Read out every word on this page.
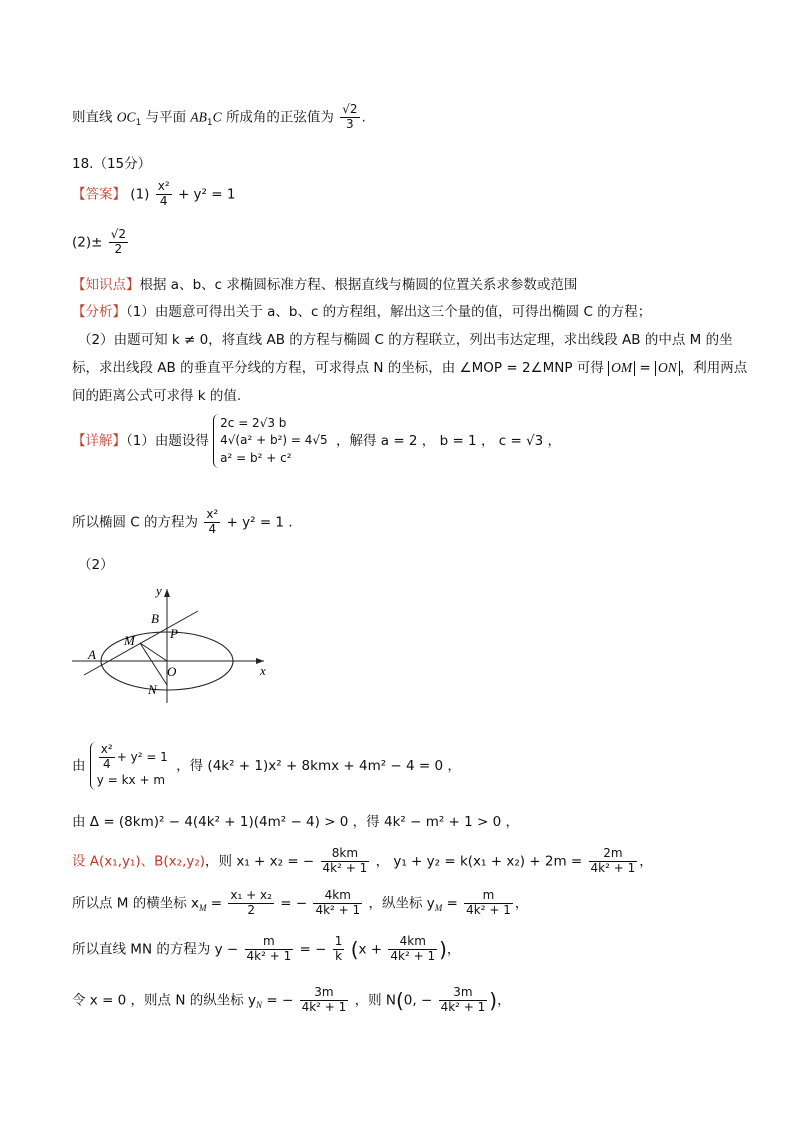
则直线 $OC_1$ 与平面 $AB_1C$ 所成角的正弦值为 $\frac{√2}{3}$ .
18.（15分）
【答案】 $(1) \frac{\text{x²}}{4} + y^2 = 1$
$(2)\pm \frac{√2}{2}$
【知识点】根据 a、b、c 求椭圆标准方程、根据直线与椭圆的位置关系求参数或范围
【分析】（1）由题意可得出关于 a、b、c 的方程组，解出这三个量的值，可得出椭圆 C 的方程；
（2）由题可知 k ≠ 0，将直线 AB 的方程与椭圆 C 的方程联立，列出韦达定理，求出线段 AB 的中点 M 的坐
标，求出线段 AB 的垂直平分线的方程，可求得点 N 的坐标，由 ∠MOP = 2∠MNP 可得 OM = ON ，利用两点
间的距离公式可求得 k 的值.
【详解】（1）由题设得
2c = 2√3 b
4√(a² + b²) = 4√5
a² = b² + c²
，解得 a = 2 ， b = 1 ， c = √3 ，
所以椭圆 C 的方程为 $\frac{\text{x²}}{4} + y^2 = 1$ .
（2）
y
x
B
P
M
A
O
N
由 $\frac{\text{x²}}{4} + y^2 = 1$
y = kx + m
，得 (4k² + 1)x² + 8kmx + 4m² − 4 = 0 ，
由 Δ = (8km)² − 4(4k² + 1)(4m² − 4) > 0 ，得 4k² − m² + 1 > 0 ，
设 A(x₁,y₁)、B(x₂,y₂)，则 x₁ + x₂ = − $\frac{8km}{\text{4k² + 1}}$ ， $y_1 + y_2 = k(x_1 + x_2) + 2m = \frac{2m}{\text{4k² + 1}}$ ，
所以点 M 的横坐标 $x_M = \frac{\text{x₁ + x₂}}{2}$ = − $\frac{4km}{\text{4k² + 1}}$ ，纵坐标 $y_M = \frac{m}{\text{4k² + 1}}$ ，
所以直线 MN 的方程为 $y - \frac{m}{\text{4k² + 1}}$ = − $\frac{1}{k} (x + \frac{4km}{\text{4k² + 1}}$ )，
令 x = 0 ，则点 N 的纵坐标 $y_N$ = − $\frac{3m}{\text{4k² + 1}}$ ，则 N(0, − $\frac{3m}{\text{4k² + 1}}$ )，
